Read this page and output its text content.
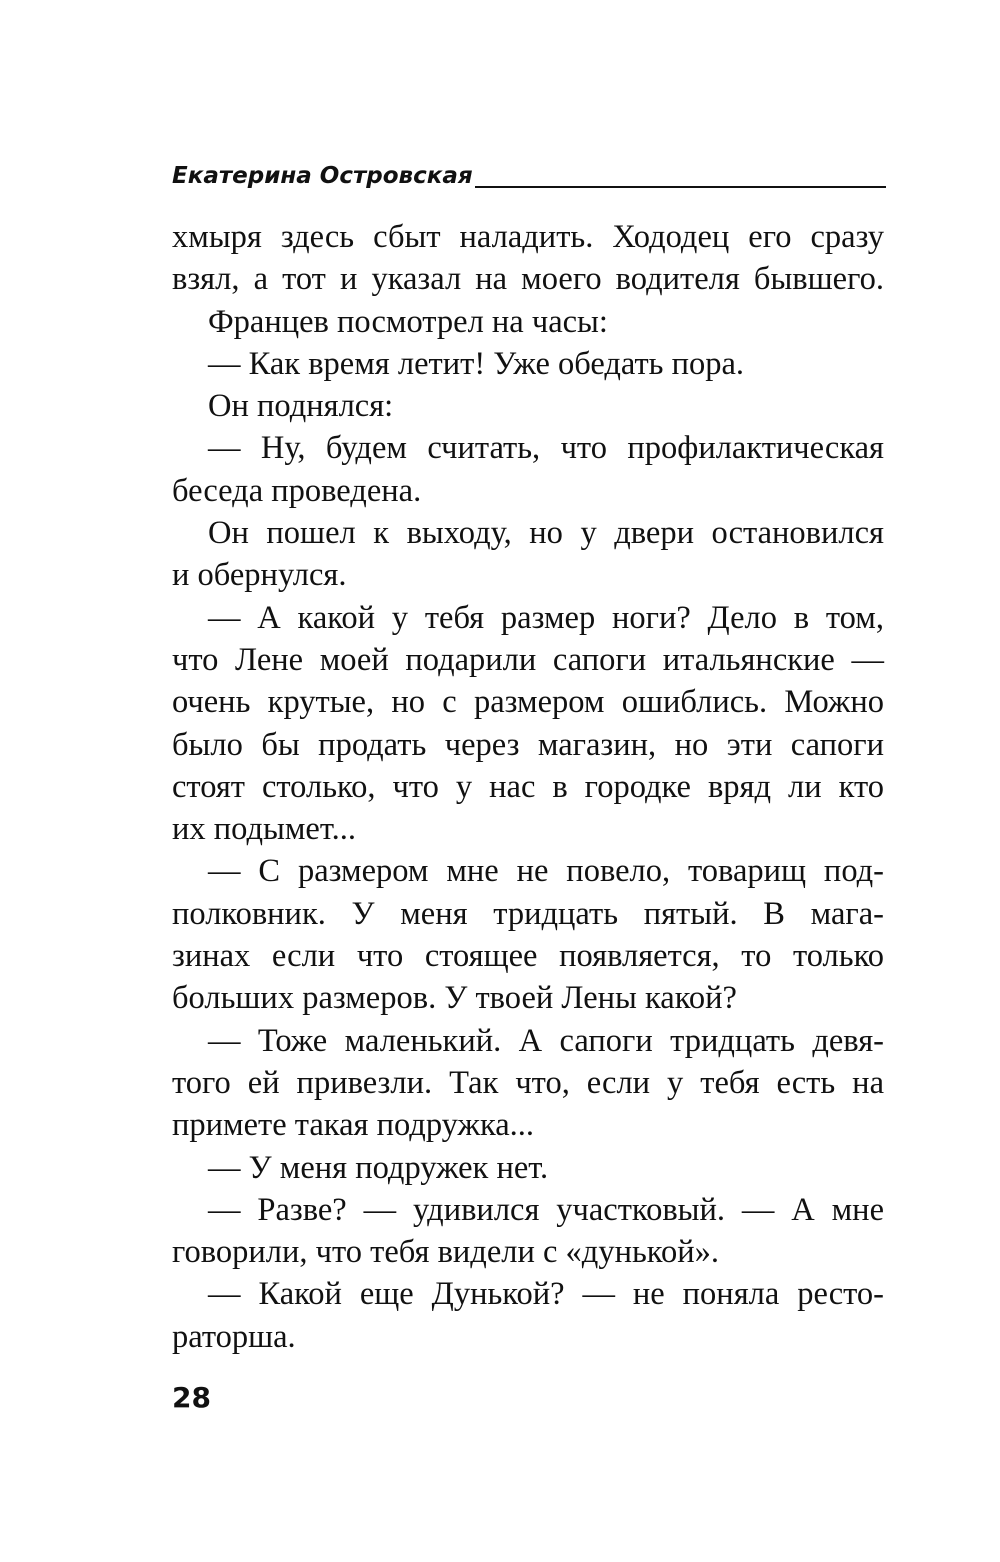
Екатерина Островская
хмыря здесь сбыт наладить. Хододец его сразу
взял, а тот и указал на моего водителя бывшего.
Францев посмотрел на часы:
— Как время летит! Уже обедать пора.
Он поднялся:
— Ну, будем считать, что профилактическая
беседа проведена.
Он пошел к выходу, но у двери остановился
и обернулся.
— А какой у тебя размер ноги? Дело в том,
что Лене моей подарили сапоги итальянские —
очень крутые, но с размером ошиблись. Можно
было бы продать через магазин, но эти сапоги
стоят столько, что у нас в городке вряд ли кто
их подымет...
— С размером мне не повело, товарищ под-
полковник. У меня тридцать пятый. В мага-
зинах если что стоящее появляется, то только
больших размеров. У твоей Лены какой?
— Тоже маленький. А сапоги тридцать девя-
того ей привезли. Так что, если у тебя есть на
примете такая подружка...
— У меня подружек нет.
— Разве? — удивился участковый. — А мне
говорили, что тебя видели с «дунькой».
— Какой еще Дунькой? — не поняла ресто-
раторша.
28
